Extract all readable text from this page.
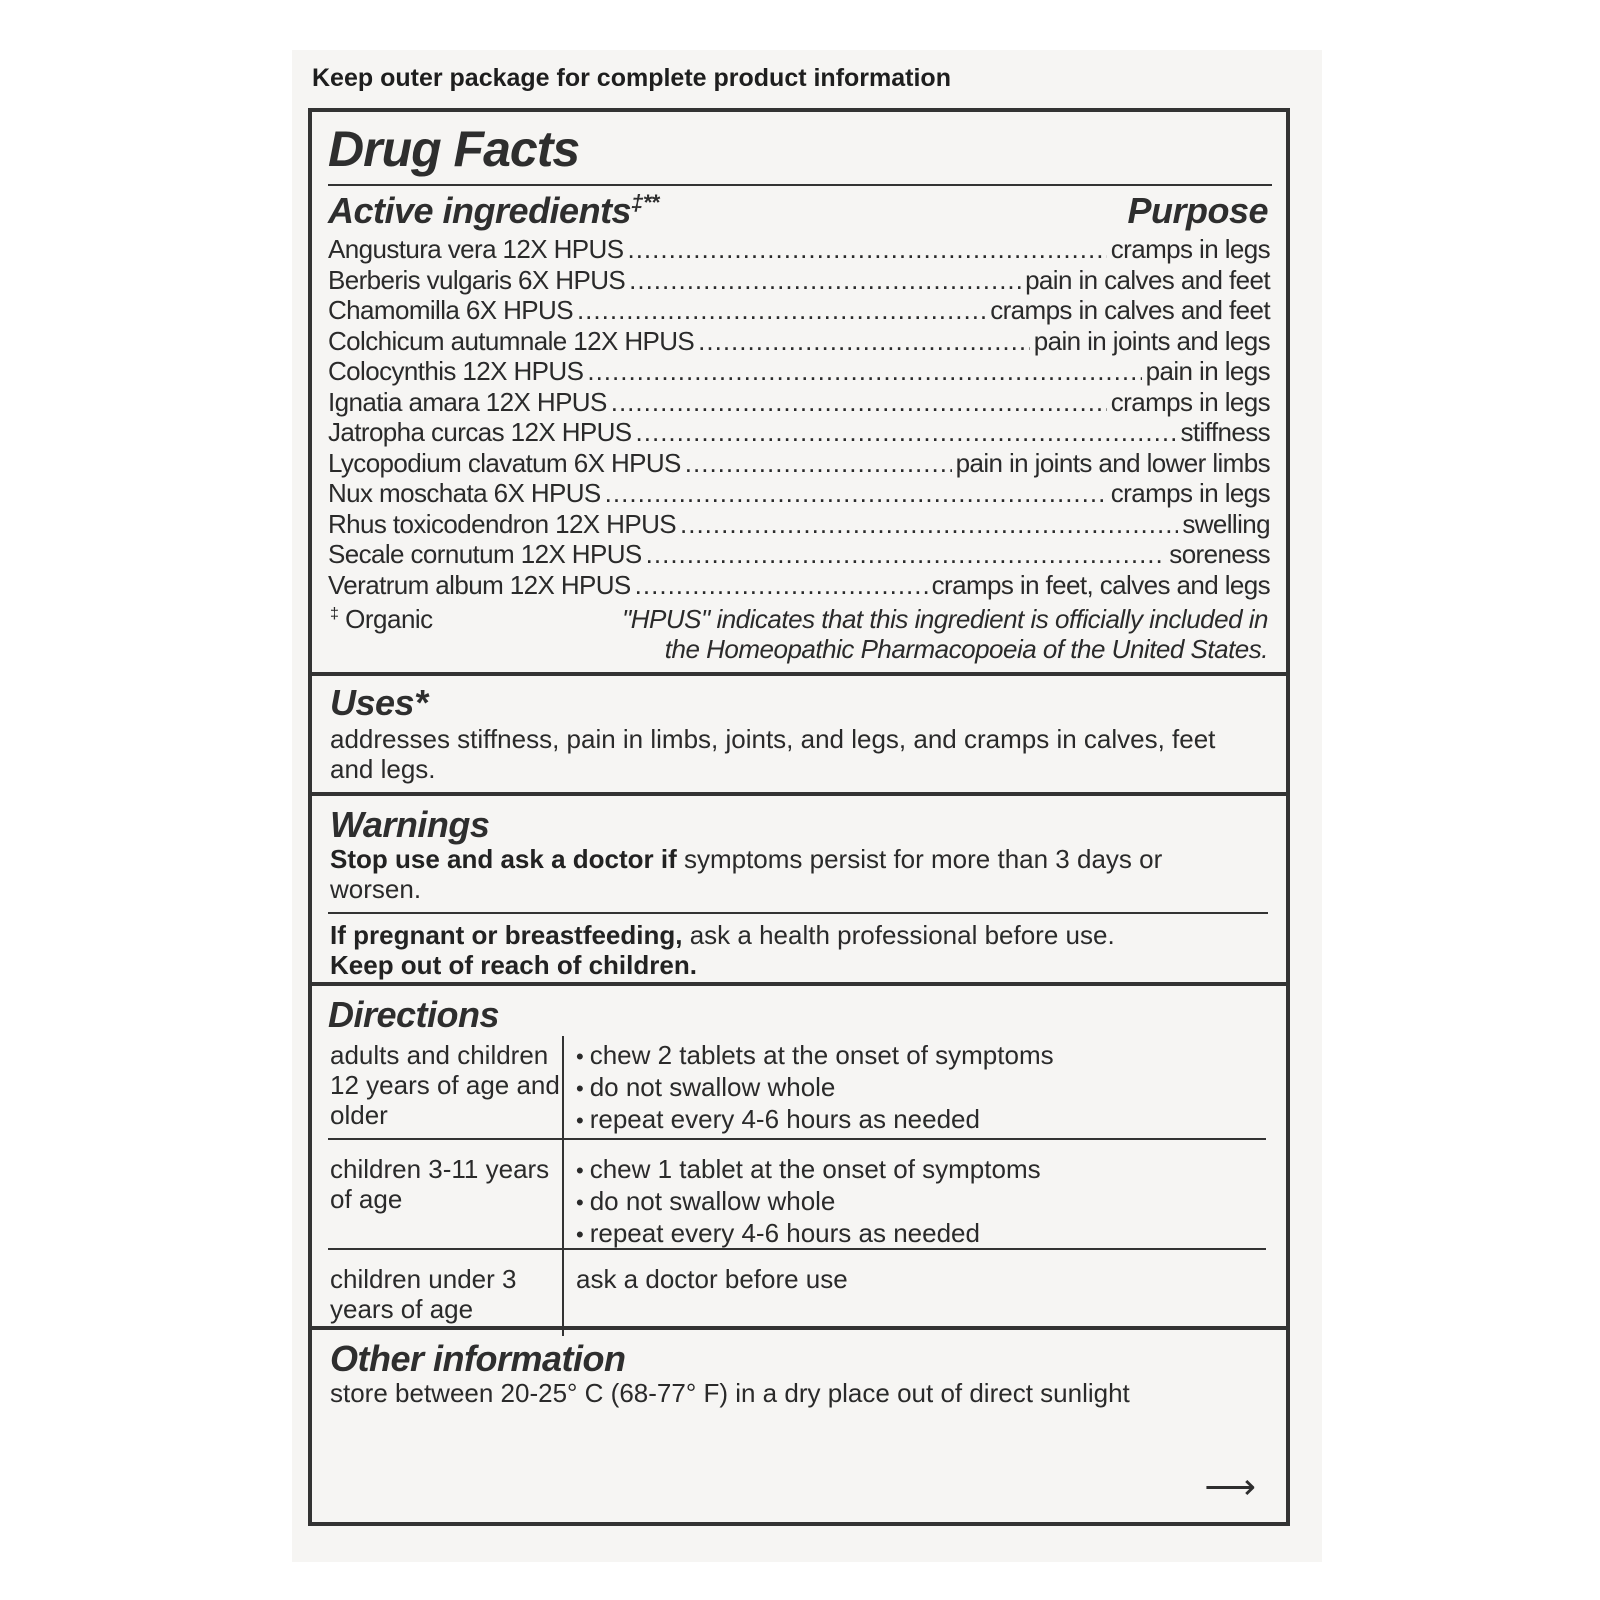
Keep outer package for complete product information
Drug Facts
Active ingredients‡**	Purpose
Angustura vera 12X HPUS .....	cramps in legs
Berberis vulgaris 6X HPUS .....	pain in calves and feet
Chamomilla 6X HPUS .....	cramps in calves and feet
Colchicum autumnale 12X HPUS .....	pain in joints and legs
Colocynthis 12X HPUS .....	pain in legs
Ignatia amara 12X HPUS .....	cramps in legs
Jatropha curcas 12X HPUS .....	stiffness
Lycopodium clavatum 6X HPUS .....	pain in joints and lower limbs
Nux moschata 6X HPUS .....	cramps in legs
Rhus toxicodendron 12X HPUS .....	swelling
Secale cornutum 12X HPUS .....	soreness
Veratrum album 12X HPUS .....	cramps in feet, calves and legs
‡ Organic	"HPUS" indicates that this ingredient is officially included in the Homeopathic Pharmacopoeia of the United States.
Uses*
addresses stiffness, pain in limbs, joints, and legs, and cramps in calves, feet and legs.
Warnings
Stop use and ask a doctor if symptoms persist for more than 3 days or worsen.
If pregnant or breastfeeding, ask a health professional before use.
Keep out of reach of children.
Directions
adults and children 12 years of age and older
• chew 2 tablets at the onset of symptoms
• do not swallow whole
• repeat every 4-6 hours as needed
children 3-11 years of age
• chew 1 tablet at the onset of symptoms
• do not swallow whole
• repeat every 4-6 hours as needed
children under 3 years of age
ask a doctor before use
Other information
store between 20-25° C (68-77° F) in a dry place out of direct sunlight
⟶
